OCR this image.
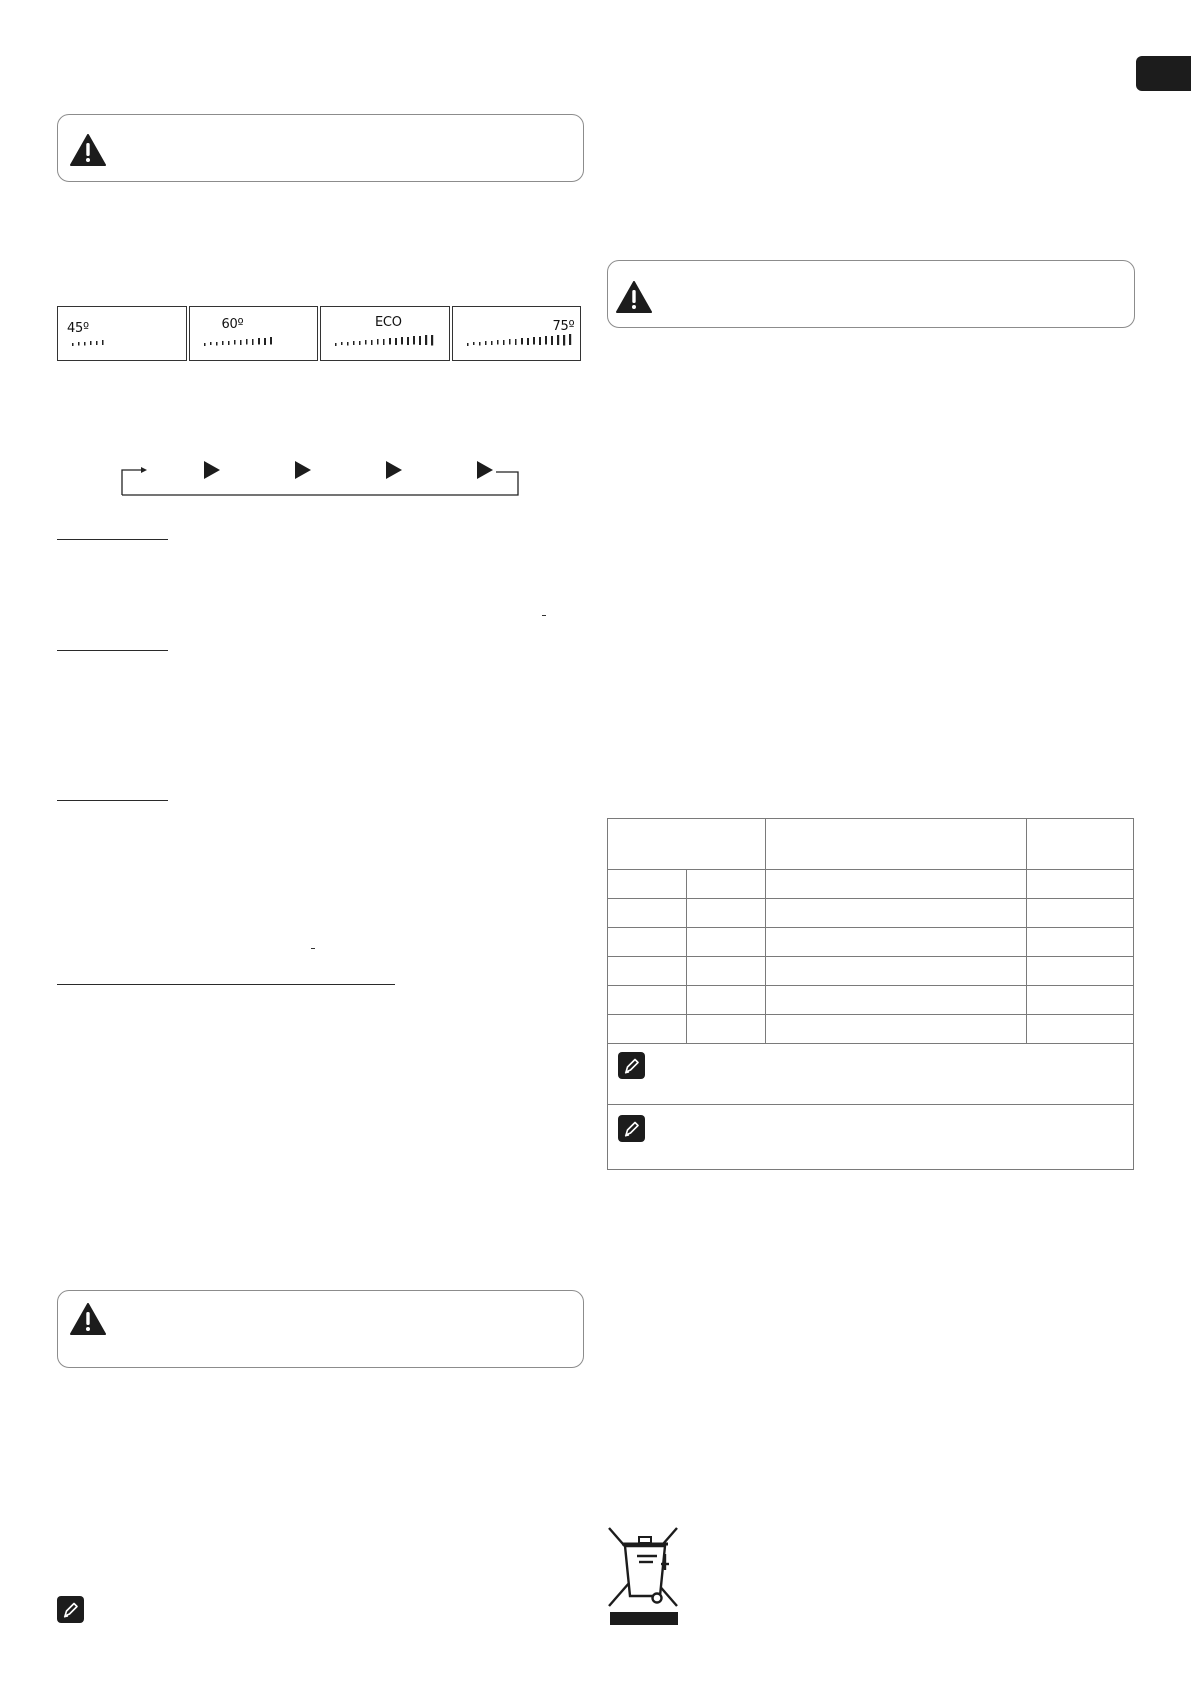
45º	60º	ECO	75º
